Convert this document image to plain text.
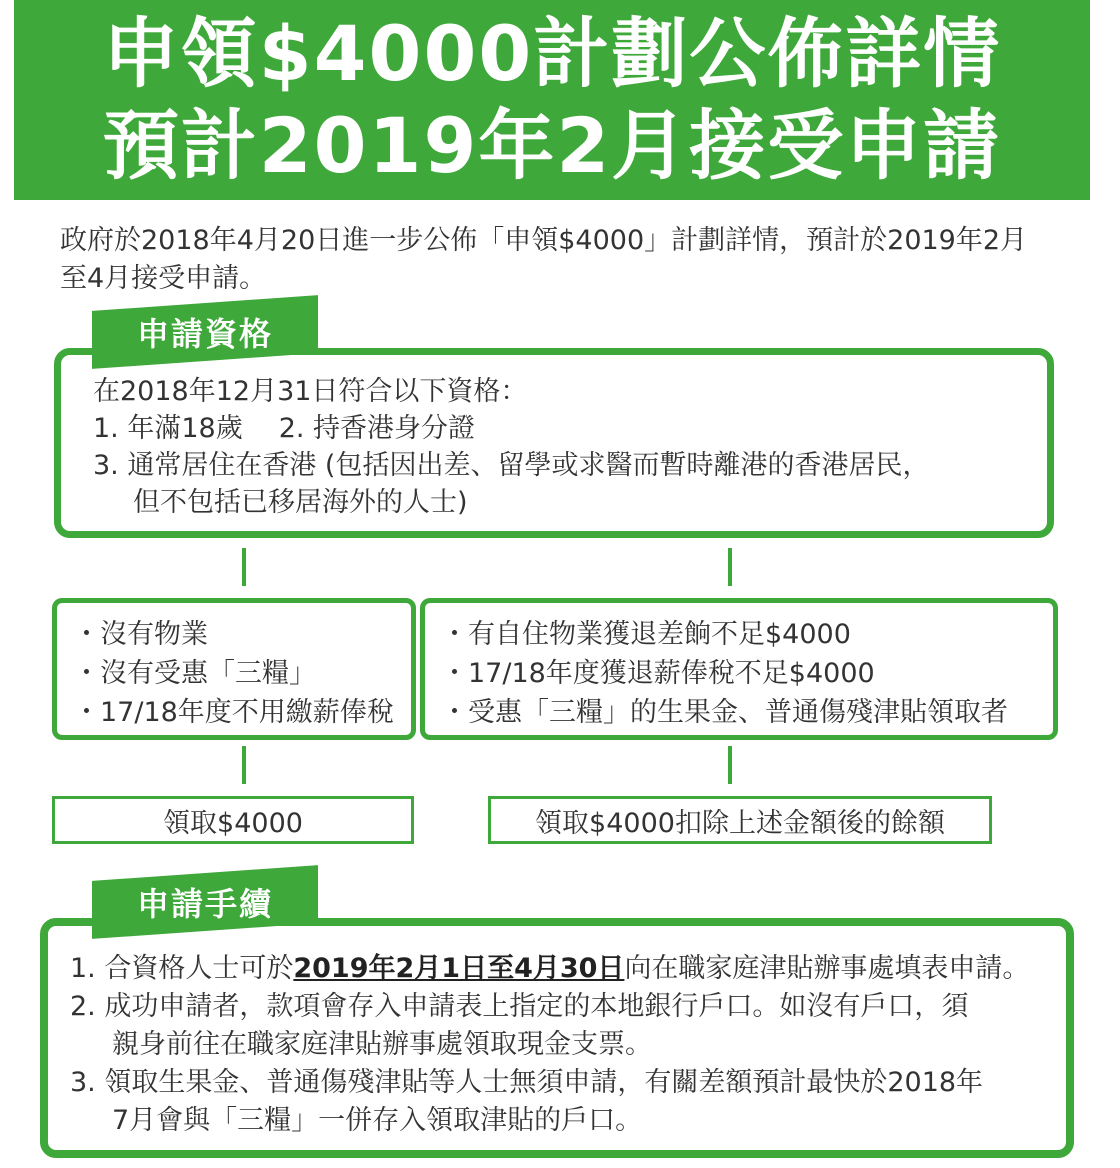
申領$4000計劃公佈詳情
預計2019年2月接受申請
政府於2018年4月20日進一步公佈「申領$4000」計劃詳情，預計於2019年2月
至4月接受申請。
在2018年12月31日符合以下資格：
1. 年滿18歲 2. 持香港身分證
3. 通常居住在香港 (包括因出差、留學或求醫而暫時離港的香港居民，
但不包括已移居海外的人士)
申請資格
・ 沒有物業
・ 沒有受惠「三糧」
・ 17/18年度不用繳薪俸稅
・ 有自住物業獲退差餉不足$4000
・ 17/18年度獲退薪俸稅不足$4000
・ 受惠「三糧」的生果金、普通傷殘津貼領取者
領取$4000	領取$4000扣除上述金額後的餘額
1. 合資格人士可於2019年2月1日至4月30日向在職家庭津貼辦事處填表申請。
2. 成功申請者，款項會存入申請表上指定的本地銀行戶口。如沒有戶口，須
親身前往在職家庭津貼辦事處領取現金支票。
3. 領取生果金、普通傷殘津貼等人士無須申請，有關差額預計最快於2018年
7月會與「三糧」一併存入領取津貼的戶口。
申請手續
